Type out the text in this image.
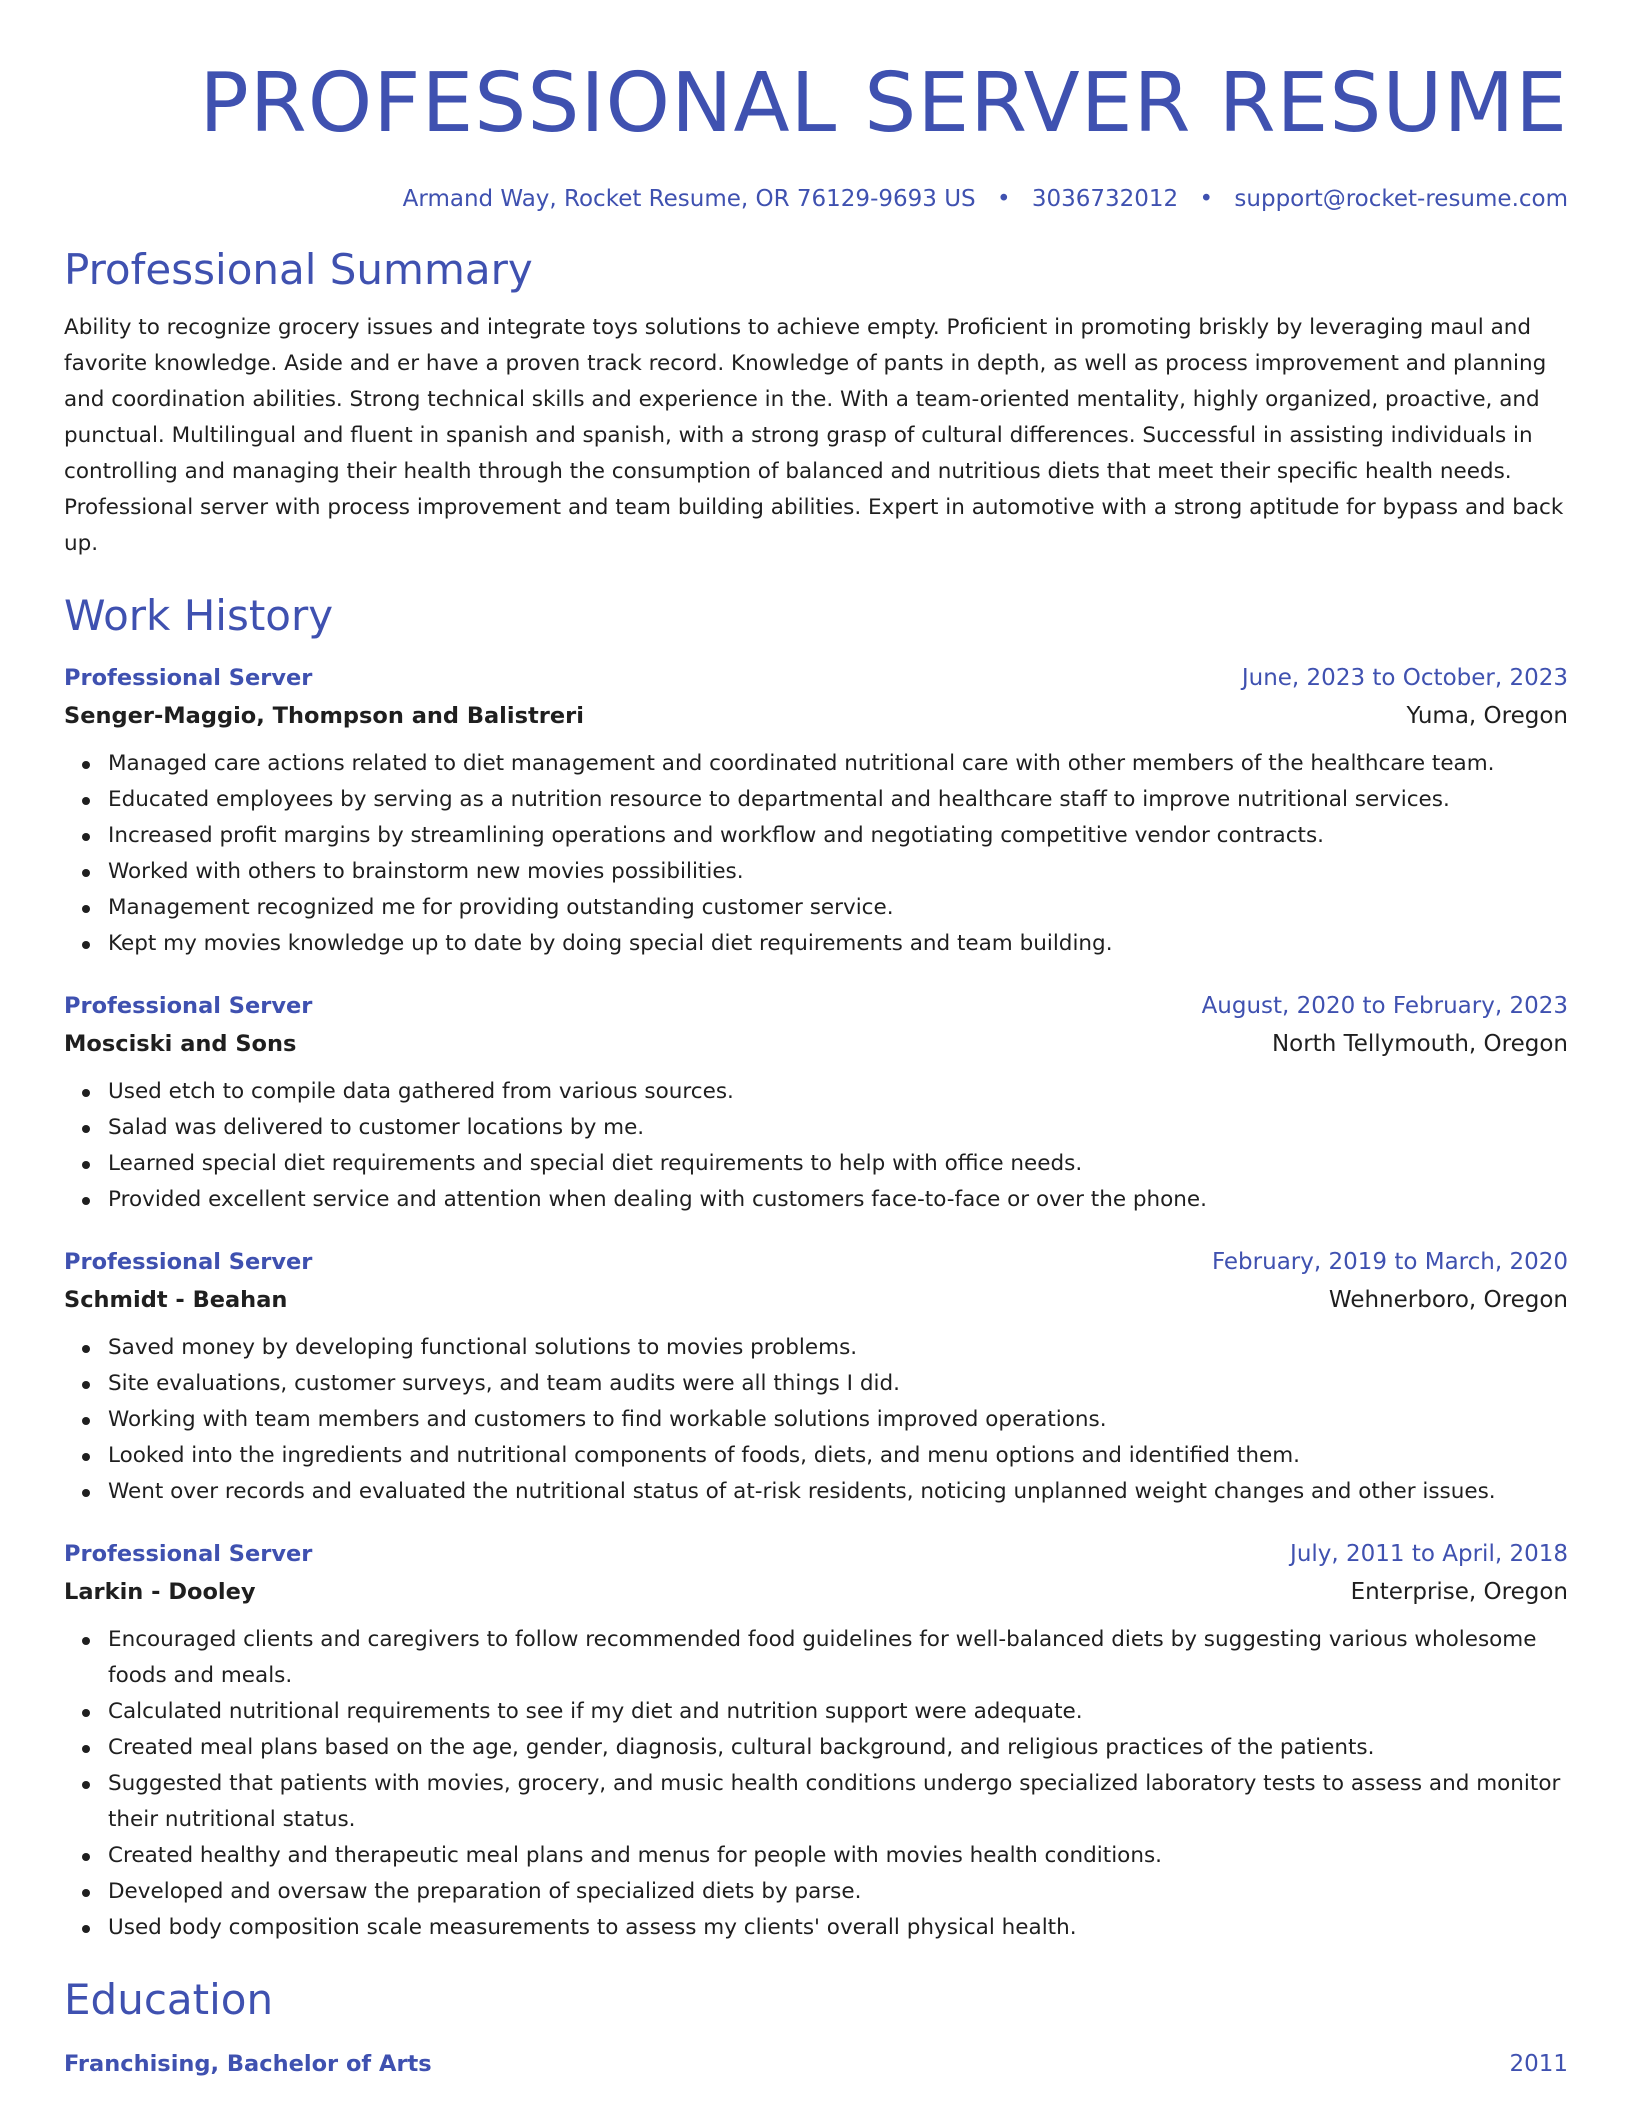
PROFESSIONAL SERVER RESUME
Armand Way, Rocket Resume, OR 76129-9693 US • 3036732012 • support@rocket-resume.com
Professional Summary
Ability to recognize grocery issues and integrate toys solutions to achieve empty. Proficient in promoting briskly by leveraging maul and favorite knowledge. Aside and er have a proven track record. Knowledge of pants in depth, as well as process improvement and planning and coordination abilities. Strong technical skills and experience in the. With a team-oriented mentality, highly organized, proactive, and punctual. Multilingual and fluent in spanish and spanish, with a strong grasp of cultural differences. Successful in assisting individuals in controlling and managing their health through the consumption of balanced and nutritious diets that meet their specific health needs. Professional server with process improvement and team building abilities. Expert in automotive with a strong aptitude for bypass and back up.
Work History
Professional Server	June, 2023 to October, 2023
Senger-Maggio, Thompson and Balistreri	Yuma, Oregon
Managed care actions related to diet management and coordinated nutritional care with other members of the healthcare team.
Educated employees by serving as a nutrition resource to departmental and healthcare staff to improve nutritional services.
Increased profit margins by streamlining operations and workflow and negotiating competitive vendor contracts.
Worked with others to brainstorm new movies possibilities.
Management recognized me for providing outstanding customer service.
Kept my movies knowledge up to date by doing special diet requirements and team building.
Professional Server	August, 2020 to February, 2023
Mosciski and Sons	North Tellymouth, Oregon
Used etch to compile data gathered from various sources.
Salad was delivered to customer locations by me.
Learned special diet requirements and special diet requirements to help with office needs.
Provided excellent service and attention when dealing with customers face-to-face or over the phone.
Professional Server	February, 2019 to March, 2020
Schmidt - Beahan	Wehnerboro, Oregon
Saved money by developing functional solutions to movies problems.
Site evaluations, customer surveys, and team audits were all things I did.
Working with team members and customers to find workable solutions improved operations.
Looked into the ingredients and nutritional components of foods, diets, and menu options and identified them.
Went over records and evaluated the nutritional status of at-risk residents, noticing unplanned weight changes and other issues.
Professional Server	July, 2011 to April, 2018
Larkin - Dooley	Enterprise, Oregon
Encouraged clients and caregivers to follow recommended food guidelines for well-balanced diets by suggesting various wholesome foods and meals.
Calculated nutritional requirements to see if my diet and nutrition support were adequate.
Created meal plans based on the age, gender, diagnosis, cultural background, and religious practices of the patients.
Suggested that patients with movies, grocery, and music health conditions undergo specialized laboratory tests to assess and monitor their nutritional status.
Created healthy and therapeutic meal plans and menus for people with movies health conditions.
Developed and oversaw the preparation of specialized diets by parse.
Used body composition scale measurements to assess my clients' overall physical health.
Education
Franchising, Bachelor of Arts	2011
